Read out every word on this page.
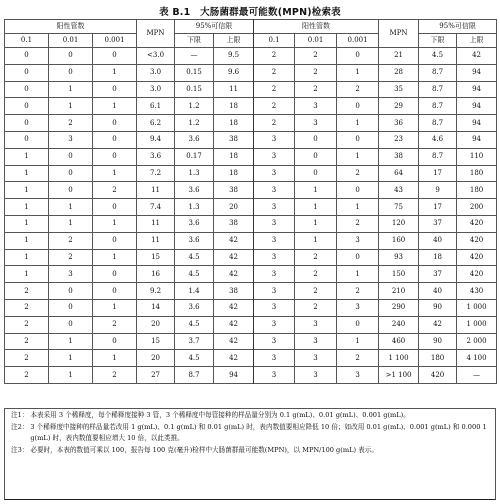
表 B.1　大肠菌群最可能数(MPN)检索表
阳性管数			MPN	95%可信限		阳性管数			MPN	95%可信限	
0.1	0.01	0.001		下限	上限	0.1	0.01	0.001		下限	上限
0	0	0	<3.0	—	9.5	2	2	0	21	4.5	42
0	0	1	3.0	0.15	9.6	2	2	1	28	8.7	94
0	1	0	3.0	0.15	11	2	2	2	35	8.7	94
0	1	1	6.1	1.2	18	2	3	0	29	8.7	94
0	2	0	6.2	1.2	18	2	3	1	36	8.7	94
0	3	0	9.4	3.6	38	3	0	0	23	4.6	94
1	0	0	3.6	0.17	18	3	0	1	38	8.7	110
1	0	1	7.2	1.3	18	3	0	2	64	17	180
1	0	2	11	3.6	38	3	1	0	43	9	180
1	1	0	7.4	1.3	20	3	1	1	75	17	200
1	1	1	11	3.6	38	3	1	2	120	37	420
1	2	0	11	3.6	42	3	1	3	160	40	420
1	2	1	15	4.5	42	3	2	0	93	18	420
1	3	0	16	4.5	42	3	2	1	150	37	420
2	0	0	9.2	1.4	38	3	2	2	210	40	430
2	0	1	14	3.6	42	3	2	3	290	90	1 000
2	0	2	20	4.5	42	3	3	0	240	42	1 000
2	1	0	15	3.7	42	3	3	1	460	90	2 000
2	1	1	20	4.5	42	3	3	2	1 100	180	4 100
2	1	2	27	8.7	94	3	3	3	>1 100	420	—
注1： 本表采用 3 个稀释度，每个稀释度接种 3 管，3 个稀释度中每管接种的样品量分别为 0.1 g(mL)、0.01 g(mL)、0.001 g(mL)。
注2： 3 个稀释度中接种的样品量若改用 1 g(mL)、0.1 g(mL) 和 0.01 g(mL) 时，表内数值要相应降低 10 倍；如改用 0.01 g(mL)、0.001 g(mL) 和 0.000 1 g(mL) 时，表内数值要相应增大 10 倍，以此类推。
注3： 必要时，本表的数值可乘以 100，报告每 100 克(毫升)检样中大肠菌群最可能数(MPN)，以 MPN/100 g(mL) 表示。
